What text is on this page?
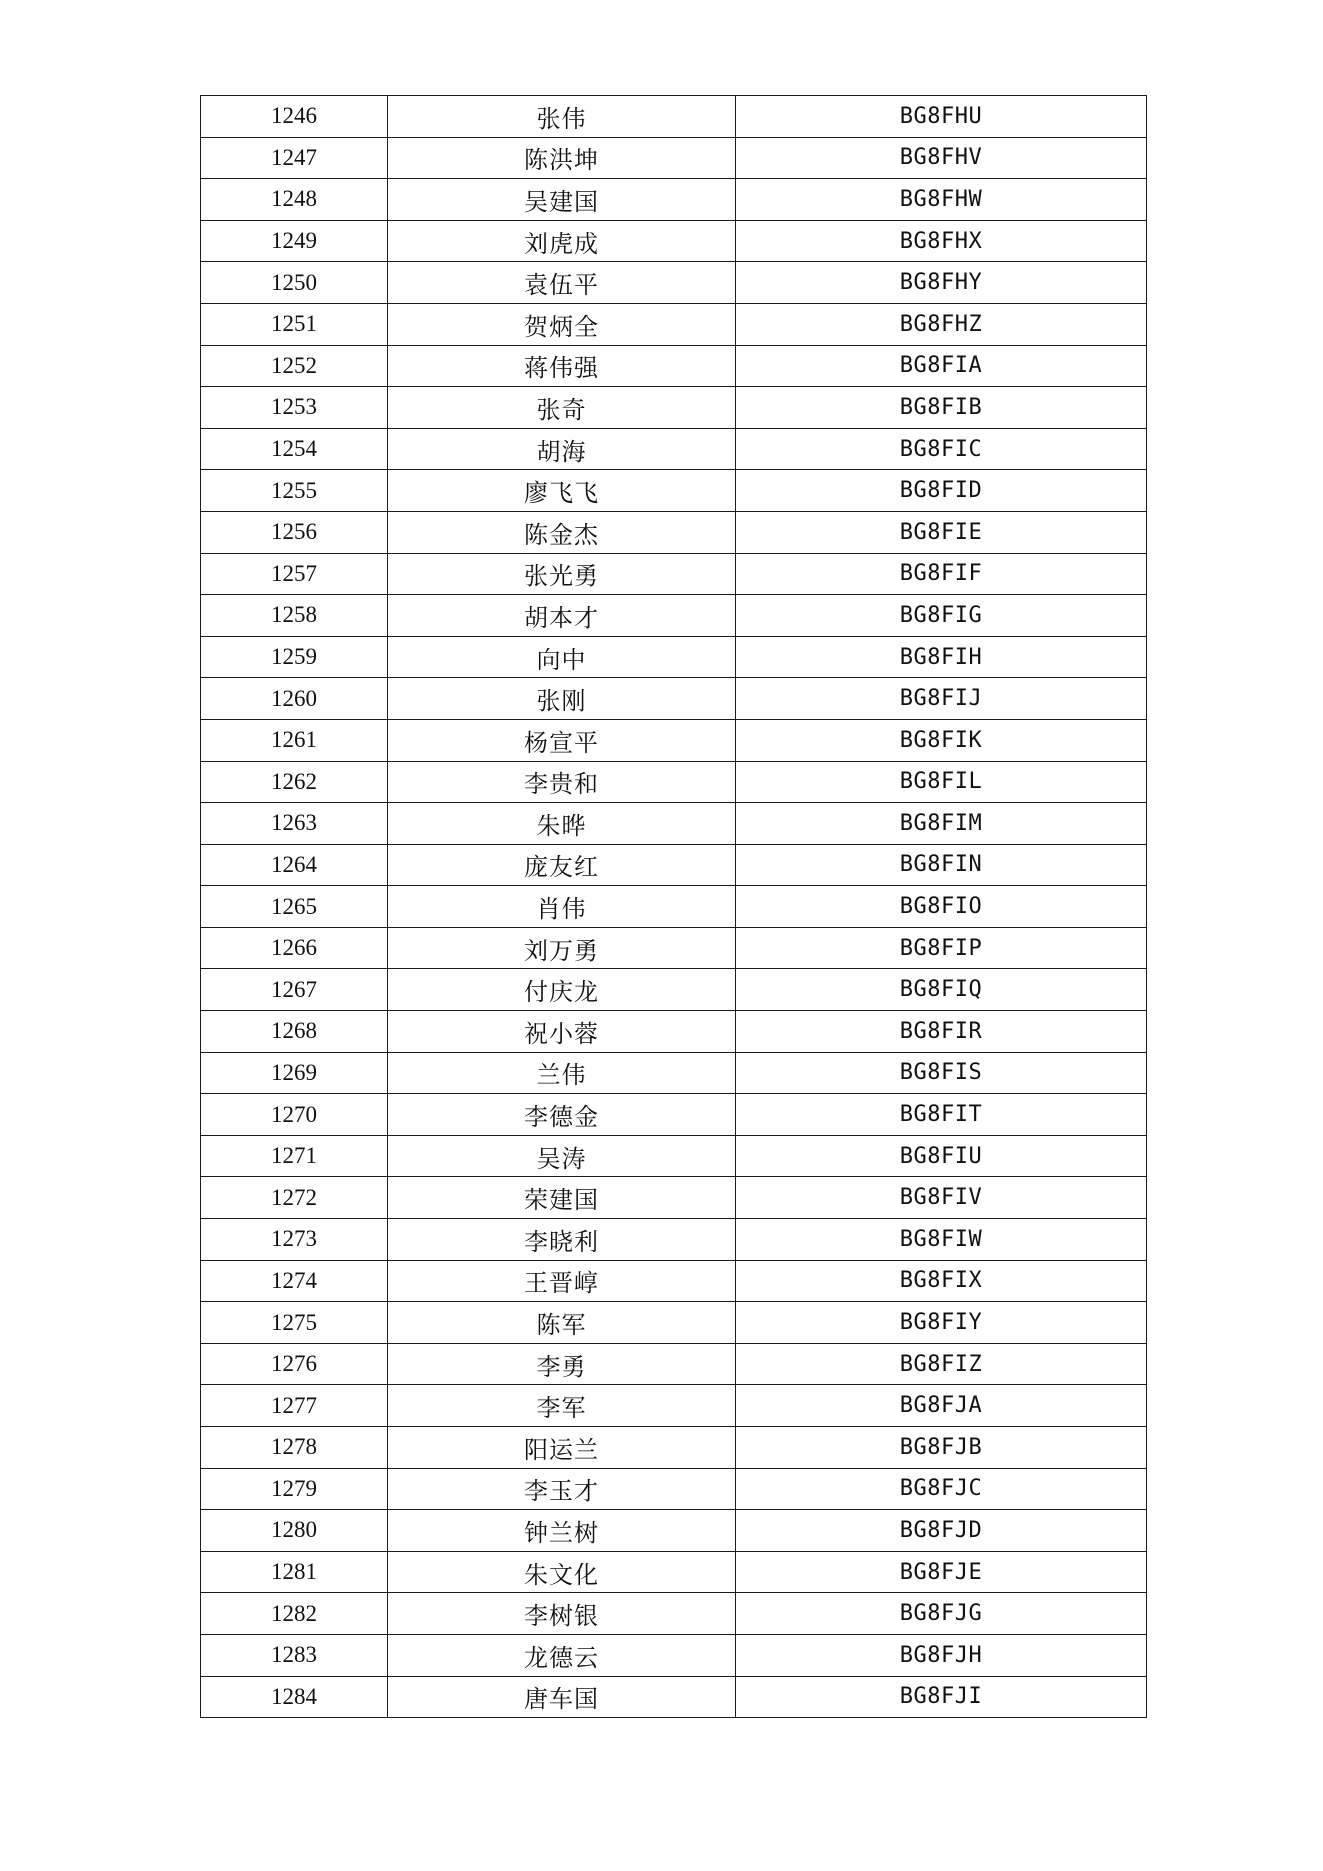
1246	张伟	BG8FHU
1247	陈洪坤	BG8FHV
1248	吴建国	BG8FHW
1249	刘虎成	BG8FHX
1250	袁伍平	BG8FHY
1251	贺炳全	BG8FHZ
1252	蒋伟强	BG8FIA
1253	张奇	BG8FIB
1254	胡海	BG8FIC
1255	廖飞飞	BG8FID
1256	陈金杰	BG8FIE
1257	张光勇	BG8FIF
1258	胡本才	BG8FIG
1259	向中	BG8FIH
1260	张刚	BG8FIJ
1261	杨宣平	BG8FIK
1262	李贵和	BG8FIL
1263	朱晔	BG8FIM
1264	庞友红	BG8FIN
1265	肖伟	BG8FIO
1266	刘万勇	BG8FIP
1267	付庆龙	BG8FIQ
1268	祝小蓉	BG8FIR
1269	兰伟	BG8FIS
1270	李德金	BG8FIT
1271	吴涛	BG8FIU
1272	荣建国	BG8FIV
1273	李晓利	BG8FIW
1274	王晋崞	BG8FIX
1275	陈军	BG8FIY
1276	李勇	BG8FIZ
1277	李军	BG8FJA
1278	阳运兰	BG8FJB
1279	李玉才	BG8FJC
1280	钟兰树	BG8FJD
1281	朱文化	BG8FJE
1282	李树银	BG8FJG
1283	龙德云	BG8FJH
1284	唐车国	BG8FJI
